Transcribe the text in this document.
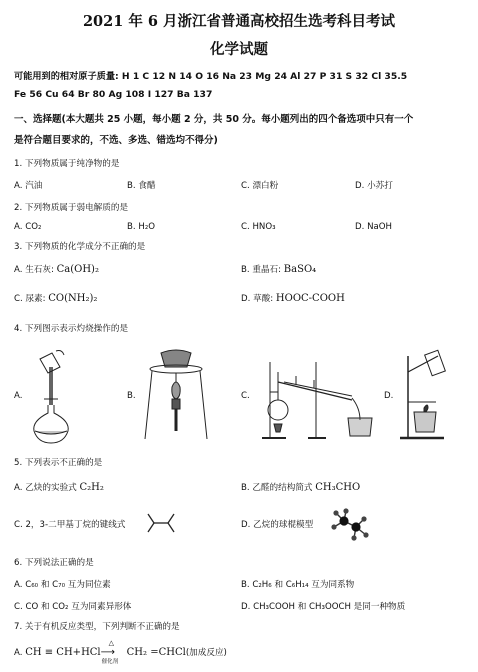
2021 年 6 月浙江省普通高校招生选考科目考试
化学试题
可能用到的相对原子质量: H 1 C 12 N 14 O 16 Na 23 Mg 24 Al 27 P 31 S 32 Cl 35.5
Fe 56 Cu 64 Br 80 Ag 108 I 127 Ba 137
一、选择题(本大题共 25 小题，每小题 2 分，共 50 分。每小题列出的四个备选项中只有一个
是符合题目要求的，不选、多选、错选均不得分)
1. 下列物质属于纯净物的是
A. 汽油	B. 食醋	C. 漂白粉	D. 小苏打
2. 下列物质属于弱电解质的是
A. CO₂	B. H₂O	C. HNO₃	D. NaOH
3. 下列物质的化学成分不正确的是
A. 生石灰: Ca(OH)₂	B. 重晶石: BaSO₄
C. 尿素: CO(NH₂)₂	D. 草酸: HOOC-COOH
4. 下列图示表示灼烧操作的是
A.	B.	C.	D.
5. 下列表示不正确的是
A. 乙炔的实验式 C₂H₂	B. 乙醛的结构简式 CH₃CHO
C. 2，3-二甲基丁烷的键线式	D. 乙烷的球棍模型
6. 下列说法正确的是
A. C₆₀ 和 C₇₀ 互为同位素	B. C₂H₆ 和 C₆H₁₄ 互为同系物
C. CO 和 CO₂ 互为同素异形体	D. CH₃COOH 和 CH₃OOCH 是同一种物质
7. 关于有机反应类型，下列判断不正确的是
A. CH ≡ CH+HCl
△
⟶
催化剂
CH₂ =CHCl(加成反应)
